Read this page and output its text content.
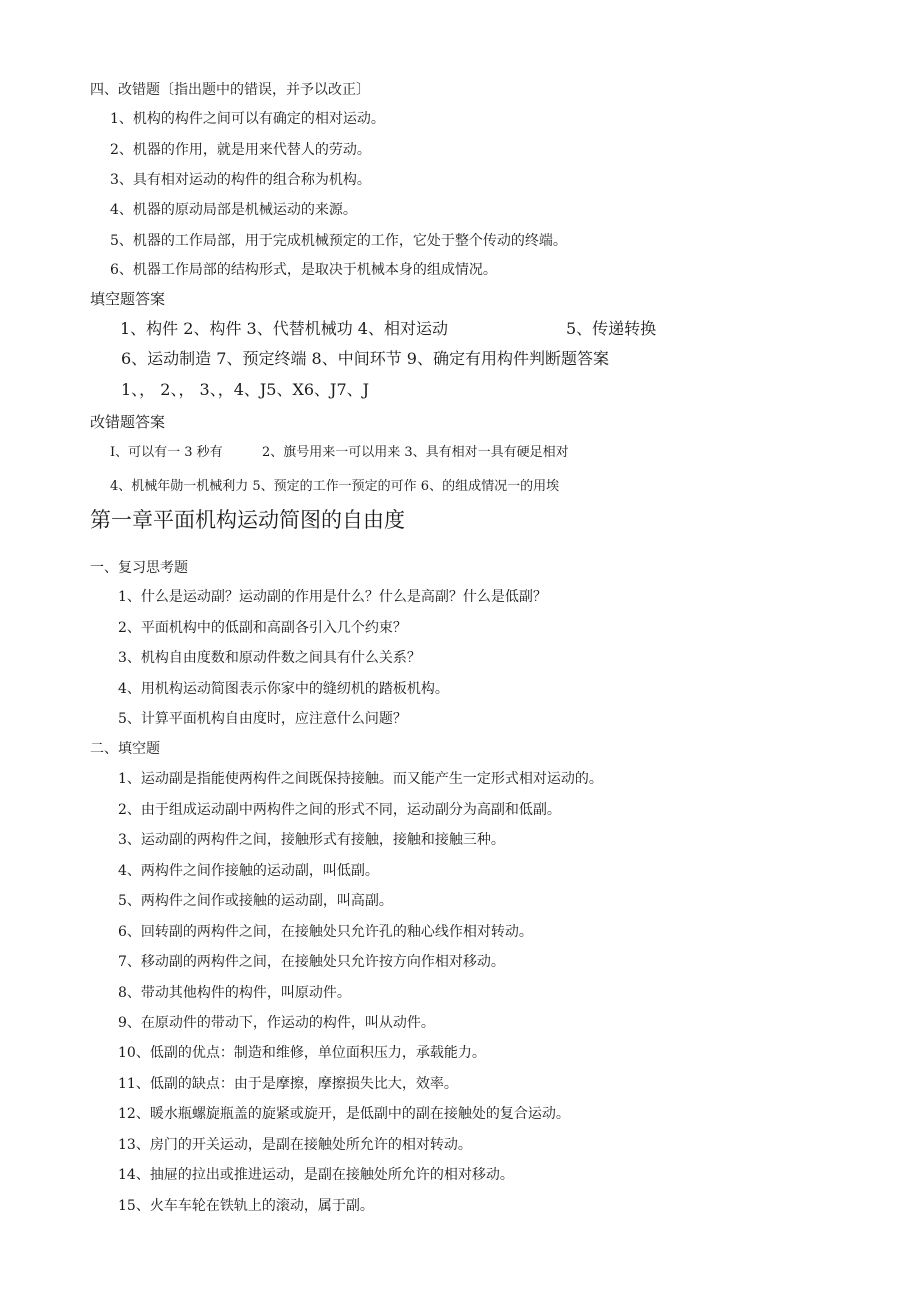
四、改错题〔指出题中的错误，并予以改正〕
1、机构的构件之间可以有确定的相对运动。
2、机器的作用，就是用来代替人的劳动。
3、具有相对运动的构件的组合称为机构。
4、机器的原动局部是机械运动的来源。
5、机器的工作局部，用于完成机械预定的工作，它处于整个传动的终端。
6、机器工作局部的结构形式，是取决于机械本身的组成情况。
填空题答案
1、构件 2、构件 3、代替机械功 4、相对运动	5、传递转换
6、运动制造 7、预定终端 8、中间环节 9、确定有用构件判断题答案
1、， 2、， 3、，4、J5、X6、J7、J
改错题答案
I、可以有一 3 秒有	2、旗号用来一可以用来 3、具有相对一具有硬足相对
4、机械年勋一机械利力 5、预定的工作一预定的可作 6、的组成情况一的用埃
第一章平面机构运动简图的自由度
一、复习思考题
1、什么是运动副？运动副的作用是什么？什么是高副？什么是低副？
2、平面机构中的低副和高副各引入几个约束？
3、机构自由度数和原动件数之间具有什么关系？
4、用机构运动简图表示你家中的缝纫机的踏板机构。
5、计算平面机构自由度时，应注意什么问题？
二、填空题
1、运动副是指能使两构件之间既保持接触。而又能产生一定形式相对运动的。
2、由于组成运动副中两构件之间的形式不同，运动副分为高副和低副。
3、运动副的两构件之间，接触形式有接触，接触和接触三种。
4、两构件之间作接触的运动副，叫低副。
5、两构件之间作或接触的运动副，叫高副。
6、回转副的两构件之间，在接触处只允许孔的釉心线作相对转动。
7、移动副的两构件之间，在接触处只允许按方向作相对移动。
8、带动其他构件的构件，叫原动件。
9、在原动件的带动下，作运动的构件，叫从动件。
10、低副的优点：制造和维修，单位面积压力，承载能力。
11、低副的缺点：由于是摩擦，摩擦损失比大，效率。
12、暖水瓶螺旋瓶盖的旋紧或旋开，是低副中的副在接触处的复合运动。
13、房门的开关运动，是副在接触处所允许的相对转动。
14、抽屉的拉出或推进运动，是副在接触处所允许的相对移动。
15、火车车轮在铁轨上的滚动，属于副。
